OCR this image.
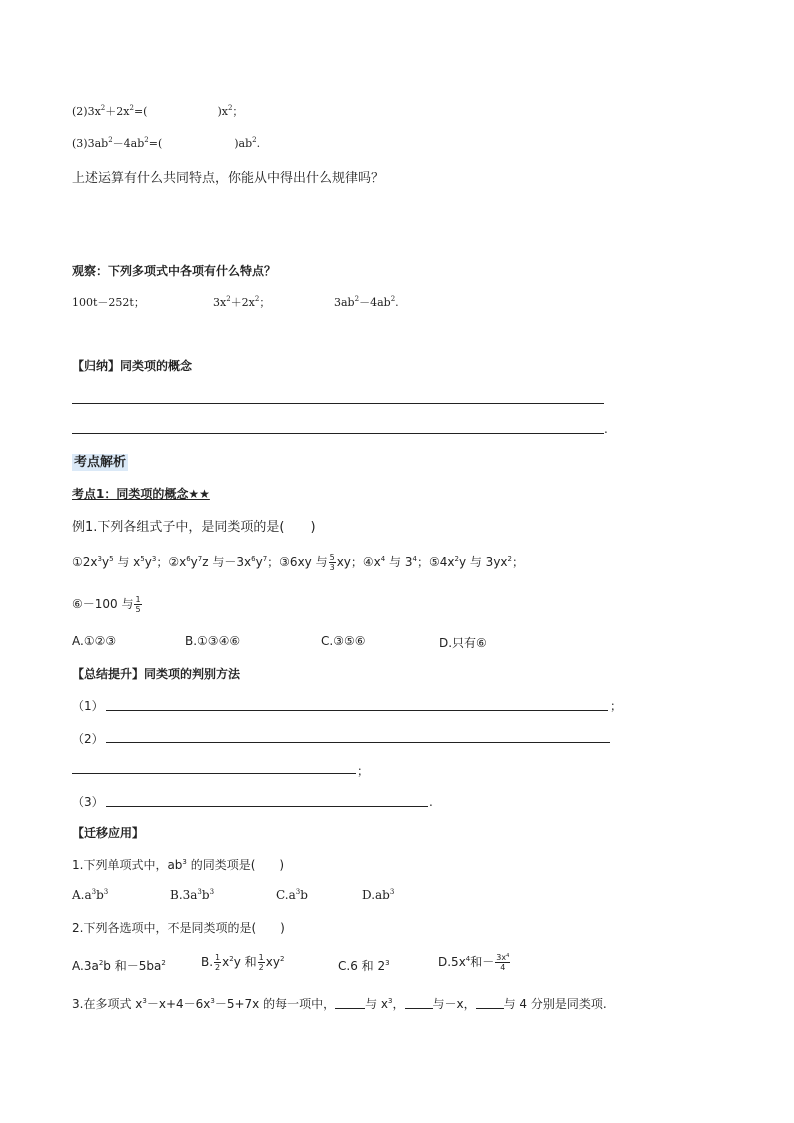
$(2)3x^2+2x^2=$(	)$x^2$；
$(3)3ab^2-4ab^2=$(	)$ab^2$.
上述运算有什么共同特点，你能从中得出什么规律吗？
观察：下列多项式中各项有什么特点？
100t－252t；	$3x^2+2x^2$；	$3ab^2-4ab^2$.
【归纳】同类项的概念
.
考点解析
考点1：同类项的概念★★
例1.下列各组式子中，是同类项的是(　　)
$①2x^3y^5$ 与 $x^5y^3$；$②x^6y^7z$ 与$-3x^6y^7$；③6xy 与 $\frac{5}{3}$ xy；$④x^4$ 与 $3^4$；$⑤4x^2y$ 与 $3yx^2$；
⑥－100 与 $\frac{1}{5}$
A.①②③	B.①③④⑥	C.③⑤⑥	D.只有⑥
【总结提升】同类项的判别方法
（1）	；
（2）
；
（3）	.
【迁移应用】
1.下列单项式中，$ab^3$ 的同类项是(　　)
$A.a^3b^3$	$B.3a^3b^3$	$C.a^3b$	$D.ab^3$
2.下列各选项中，不是同类项的是(　　)
$A.3a^2b$ 和$-5ba^2$	B. $\frac{1}{2} x^2y$ 和 $\frac{1}{2} xy^2$	C.6 和 $2^3$	$D.5x^4$和－ $\frac{3x^4}{4}$
3.在多项式 $x^3-x+4-6x^3-5+7x$ 的每一项中，	与 $x^3$， 与－x， 与 4 分别是同类项.
